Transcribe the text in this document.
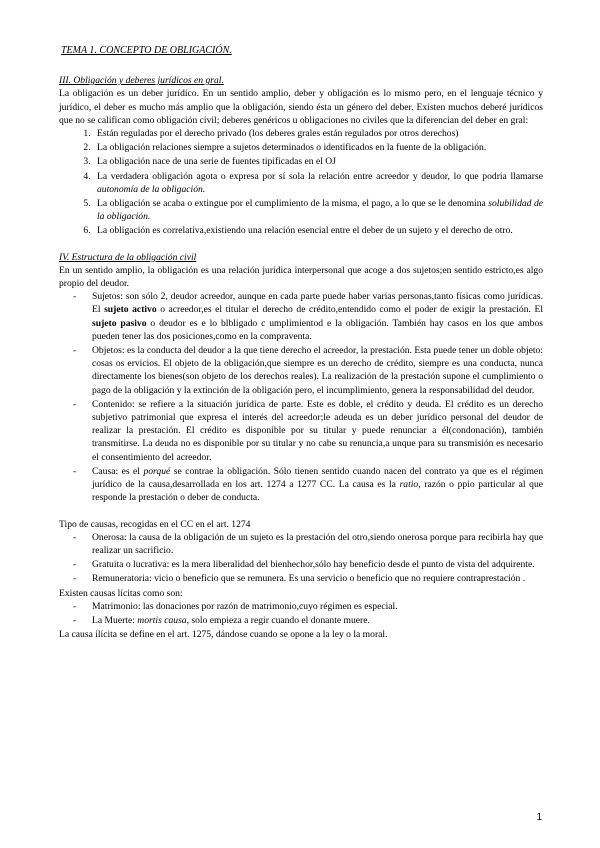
TEMA 1. CONCEPTO DE OBLIGACIÓN.

III. Obligación y deberes jurídicos en gral.

La obligación es un deber jurídico. En un sentido amplio, deber y obligación es lo mismo pero, en el lenguaje técnico y jurídico, el deber es mucho más amplio que la obligación, siendo ésta un género del deber. Existen muchos deberé jurídicos que no se califican como obligación civil; deberes genéricos u obligaciones no civiles que la diferencian del deber en gral:

1. Están reguladas por el derecho privado (los deberes grales están regulados por otros derechos)
2. La obligación relaciones siempre a sujetos determinados o identificados en la fuente de la obligación.
3. La obligación nace de una serie de fuentes tipificadas en el OJ
4. La verdadera obligación agota o expresa por sí sola la relación entre acreedor y deudor, lo que podría llamarse autonomía de la obligación.
5. La obligación se acaba o extingue por el cumplimiento de la misma, el pago, a lo que se le denomina solubilidad de la obligación.
6. La obligación es correlativa,existiendo una relación esencial entre el deber de un sujeto y el derecho de otro.

IV. Estructura de la obligación civil

En un sentido amplio, la obligación es una relación jurídica interpersonal que acoge a dos sujetos;en sentido estricto,es algo propio del deudor.

- Sujetos: son sólo 2, deudor acreedor, aunque en cada parte puede haber varias personas,tanto físicas como jurídicas. El sujeto activo o acreedor,es el titular el derecho de crédito,entendido como el poder de exigir la prestación. El sujeto pasivo o deudor es e lo blbligado c umplimientod e la obligación. También hay casos en los que ambos pueden tener las dos posiciones,como en la compraventa.
- Objetos: es la conducta del deudor a la que tiene derecho el acreedor, la prestación. Esta puede tener un doble objeto: cosas os ervicios. El objeto de la obligación,que siempre es un derecho de crédito, siempre es una conducta, nunca directamente los bienes(son objeto de los derechos reales). La realización de la prestación supone el cumplimiento o pago de la obligación y la extinción de la obligación pero, el incumplimiento, genera la responsabilidad del deudor.
- Contenido: se refiere a la situación jurídica de parte. Este es doble, el crédito y deuda. El crédito es un derecho subjetivo patrimonial que expresa el interés del acreedor;le adeuda es un deber jurídico personal del deudor de realizar la prestación. El crédito es disponible por su titular y puede renunciar a él(condonación), también transmitirse. La deuda no es disponible por su titular y no cabe su renuncia,a unque para su transmisión es necesario el consentimiento del acreedor.
- Causa: es el porqué se contrae la obligación. Sólo tienen sentido cuando nacen del contrato ya que es el régimen jurídico de la causa,desarrollada en los art. 1274 a 1277 CC. La causa es la ratio, razón o ppio particular al que responde la prestación o deber de conducta.

Tipo de causas, recogidas en el CC en el art. 1274

- Onerosa: la causa de la obligación de un sujeto es la prestación del otro,siendo onerosa porque para recibirla hay que realizar un sacrificio.
- Gratuita o lucrativa: es la mera liberalidad del bienhechor,sólo hay beneficio desde el punto de vista del adquirente.
- Remuneratoria: vicio o beneficio que se remunera. Es una servicio o beneficio que no requiere contraprestación .

Existen causas lícitas como son:

- Matrimonio: las donaciones por razón de matrimonio,cuyo régimen es especial.
- La Muerte: mortis causa, solo empieza a regir cuando el donante muere.

La causa ilícita se define en el art. 1275, dándose cuando se opone a la ley o la moral.

1
